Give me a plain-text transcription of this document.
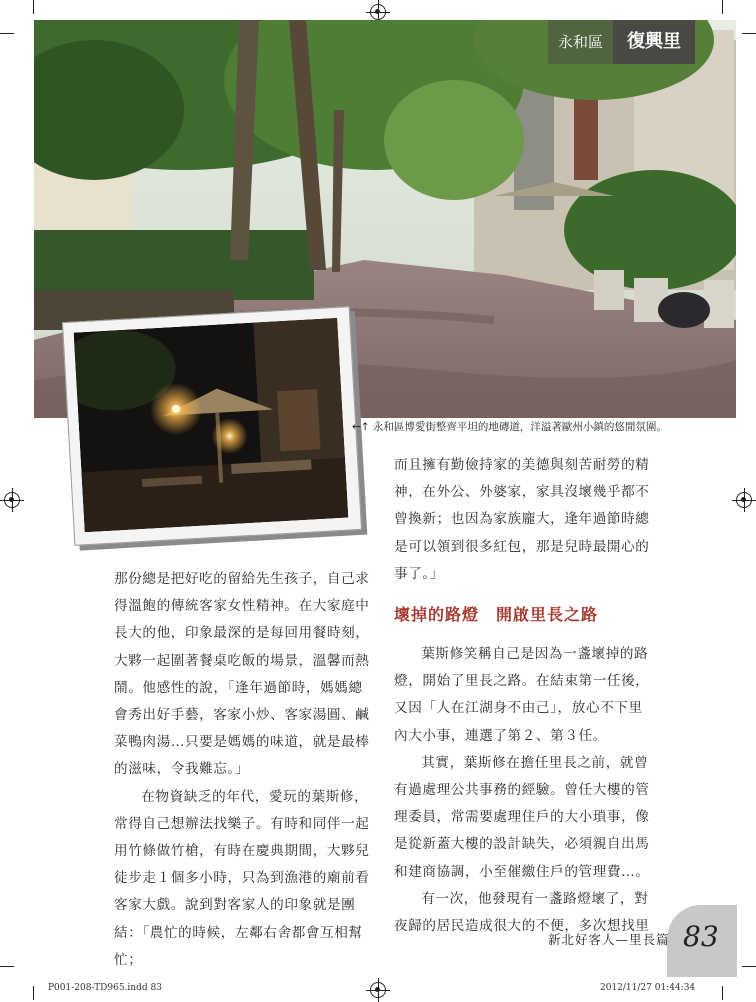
永和區	復興里
←↑ 永和區博愛街整齊平坦的地磚道，洋溢著歐州小鎮的悠閒氛圍。

那份總是把好吃的留給先生孩子，自己求得溫飽的傳統客家女性精神。在大家庭中長大的他，印象最深的是每回用餐時刻，大夥一起圍著餐桌吃飯的場景，溫馨而熱鬧。他感性的說，「逢年過節時，媽媽總會秀出好手藝，客家小炒、客家湯圓、鹹菜鴨肉湯…只要是媽媽的味道，就是最棒的滋味，令我難忘。」

在物資缺乏的年代，愛玩的葉斯修，常得自己想辦法找樂子。有時和同伴一起用竹條做竹槍，有時在慶典期間，大夥兒徒步走１個多小時，只為到漁港的廟前看客家大戲。說到對客家人的印象就是團結：「農忙的時候，左鄰右舍都會互相幫忙；

而且擁有勤儉持家的美德與刻苦耐勞的精神，在外公、外婆家，家具沒壞幾乎都不曾換新；也因為家族龐大，逢年過節時總是可以領到很多紅包，那是兒時最開心的事了。」

壞掉的路燈　開啟里長之路

葉斯修笑稱自己是因為一盞壞掉的路燈，開始了里長之路。在結束第一任後，又因「人在江湖身不由己」，放心不下里內大小事，連選了第２、第３任。

其實，葉斯修在擔任里長之前，就曾有過處理公共事務的經驗。曾任大樓的管理委員，常需要處理住戶的大小瑣事，像是從新蓋大樓的設計缺失，必須親自出馬和建商協調，小至催繳住戶的管理費…。

有一次，他發現有一盞路燈壞了，對夜歸的居民造成很大的不便，多次想找里

新北好客人—里長篇 83
P001-208-TD965.indd 83	2012/11/27 01:44:34
